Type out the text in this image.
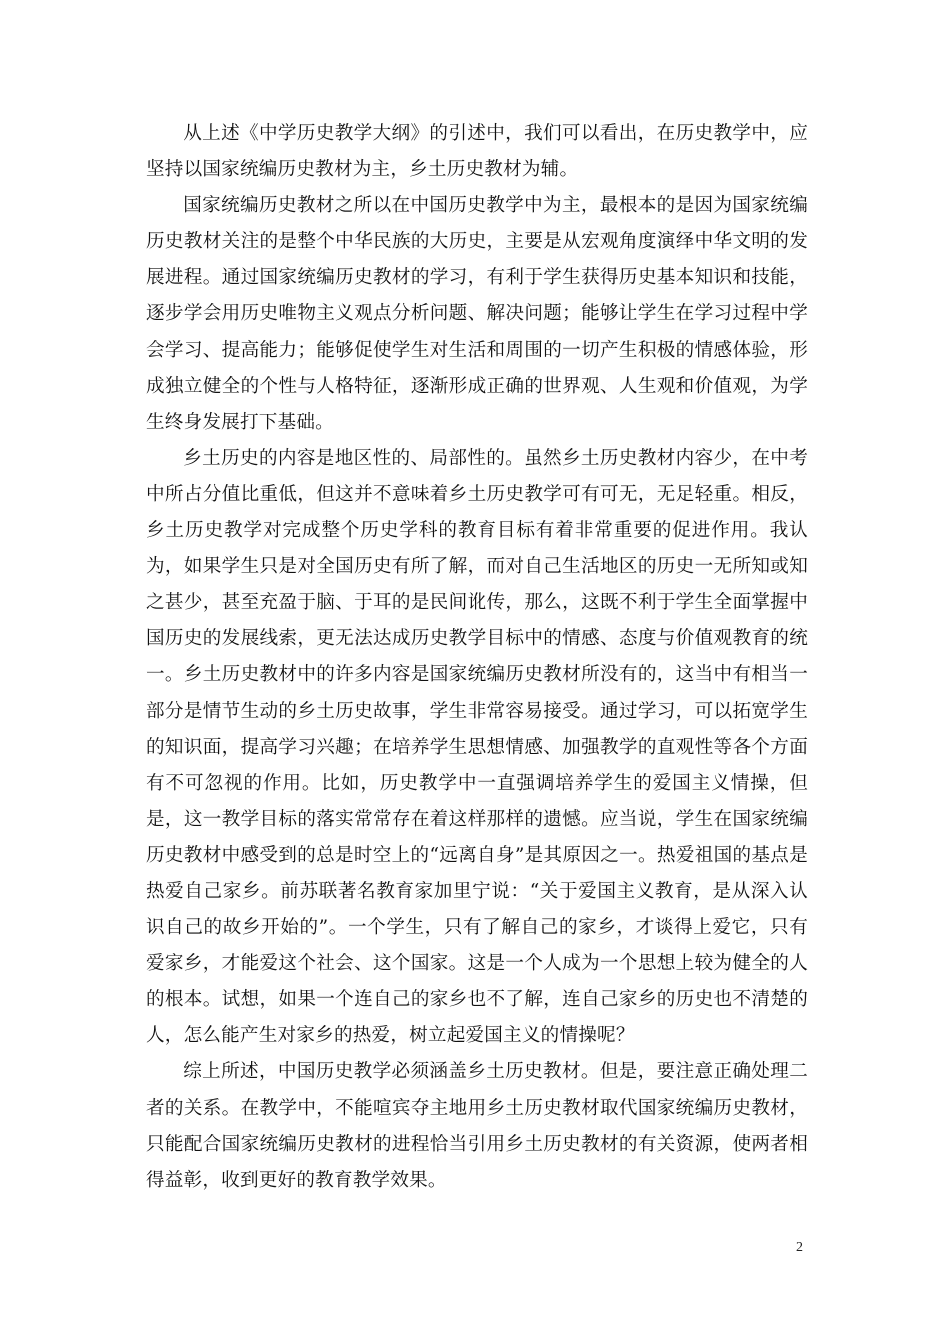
从上述《中学历史教学大纲》的引述中，我们可以看出，在历史教学中，应坚持以国家统编历史教材为主，乡土历史教材为辅。

国家统编历史教材之所以在中国历史教学中为主，最根本的是因为国家统编历史教材关注的是整个中华民族的大历史，主要是从宏观角度演绎中华文明的发展进程。通过国家统编历史教材的学习，有利于学生获得历史基本知识和技能，逐步学会用历史唯物主义观点分析问题、解决问题；能够让学生在学习过程中学会学习、提高能力；能够促使学生对生活和周围的一切产生积极的情感体验，形成独立健全的个性与人格特征，逐渐形成正确的世界观、人生观和价值观，为学生终身发展打下基础。

乡土历史的内容是地区性的、局部性的。虽然乡土历史教材内容少，在中考中所占分值比重低，但这并不意味着乡土历史教学可有可无，无足轻重。相反，乡土历史教学对完成整个历史学科的教育目标有着非常重要的促进作用。我认为，如果学生只是对全国历史有所了解，而对自己生活地区的历史一无所知或知之甚少，甚至充盈于脑、于耳的是民间讹传，那么，这既不利于学生全面掌握中国历史的发展线索，更无法达成历史教学目标中的情感、态度与价值观教育的统一。乡土历史教材中的许多内容是国家统编历史教材所没有的，这当中有相当一部分是情节生动的乡土历史故事，学生非常容易接受。通过学习，可以拓宽学生的知识面，提高学习兴趣；在培养学生思想情感、加强教学的直观性等各个方面有不可忽视的作用。比如，历史教学中一直强调培养学生的爱国主义情操，但是，这一教学目标的落实常常存在着这样那样的遗憾。应当说，学生在国家统编历史教材中感受到的总是时空上的“远离自身”是其原因之一。热爱祖国的基点是热爱自己家乡。前苏联著名教育家加里宁说：“关于爱国主义教育，是从深入认识自己的故乡开始的”。一个学生，只有了解自己的家乡，才谈得上爱它，只有爱家乡，才能爱这个社会、这个国家。这是一个人成为一个思想上较为健全的人的根本。试想，如果一个连自己的家乡也不了解，连自己家乡的历史也不清楚的人，怎么能产生对家乡的热爱，树立起爱国主义的情操呢？

综上所述，中国历史教学必须涵盖乡土历史教材。但是，要注意正确处理二者的关系。在教学中，不能喧宾夺主地用乡土历史教材取代国家统编历史教材，只能配合国家统编历史教材的进程恰当引用乡土历史教材的有关资源，使两者相得益彰，收到更好的教育教学效果。

2
